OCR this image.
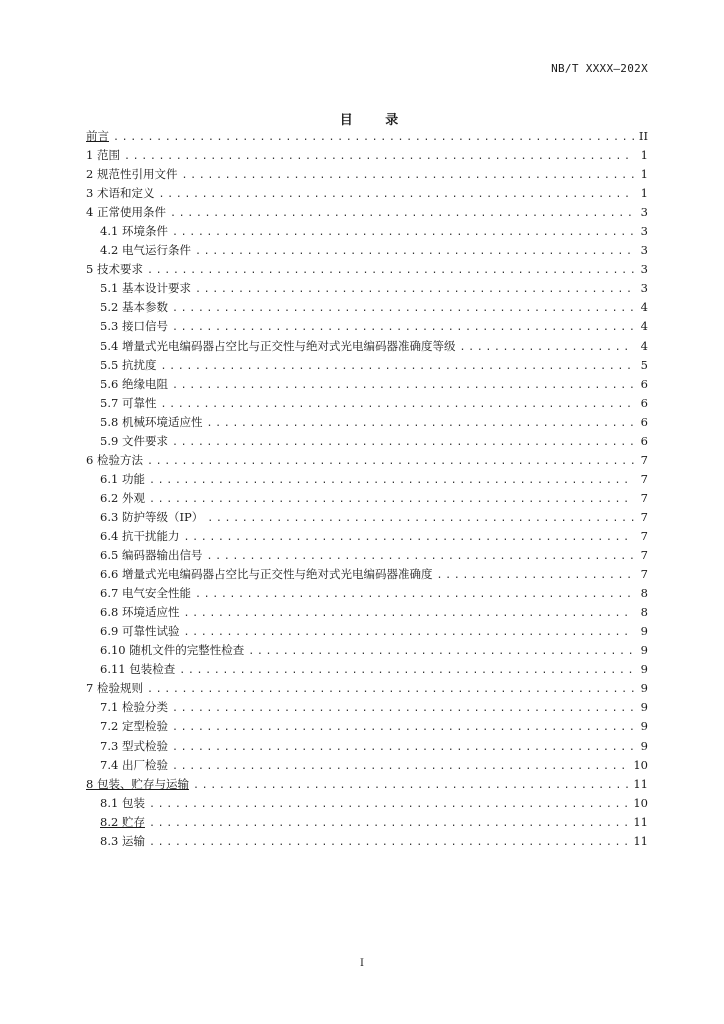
NB/T XXXX—202X
目 录
前言 .....	II
1 范围 .....	1
2 规范性引用文件 .....	1
3 术语和定义 .....	1
4 正常使用条件 .....	3
4.1 环境条件 .....	3
4.2 电气运行条件 .....	3
5 技术要求 .....	3
5.1 基本设计要求 .....	3
5.2 基本参数 .....	4
5.3 接口信号 .....	4
5.4 增量式光电编码器占空比与正交性与绝对式光电编码器准确度等级 .....	4
5.5 抗扰度 .....	5
5.6 绝缘电阻 .....	6
5.7 可靠性 .....	6
5.8 机械环境适应性 .....	6
5.9 文件要求 .....	6
6 检验方法 .....	7
6.1 功能 .....	7
6.2 外观 .....	7
6.3 防护等级（IP） .....	7
6.4 抗干扰能力 .....	7
6.5 编码器输出信号 .....	7
6.6 增量式光电编码器占空比与正交性与绝对式光电编码器准确度 .....	7
6.7 电气安全性能 .....	8
6.8 环境适应性 .....	8
6.9 可靠性试验 .....	9
6.10 随机文件的完整性检查 .....	9
6.11 包装检查 .....	9
7 检验规则 .....	9
7.1 检验分类 .....	9
7.2 定型检验 .....	9
7.3 型式检验 .....	9
7.4 出厂检验 .....	10
8 包装、贮存与运输 .....	11
8.1 包装 .....	10
8.2 贮存 .....	11
8.3 运输 .....	11
I
